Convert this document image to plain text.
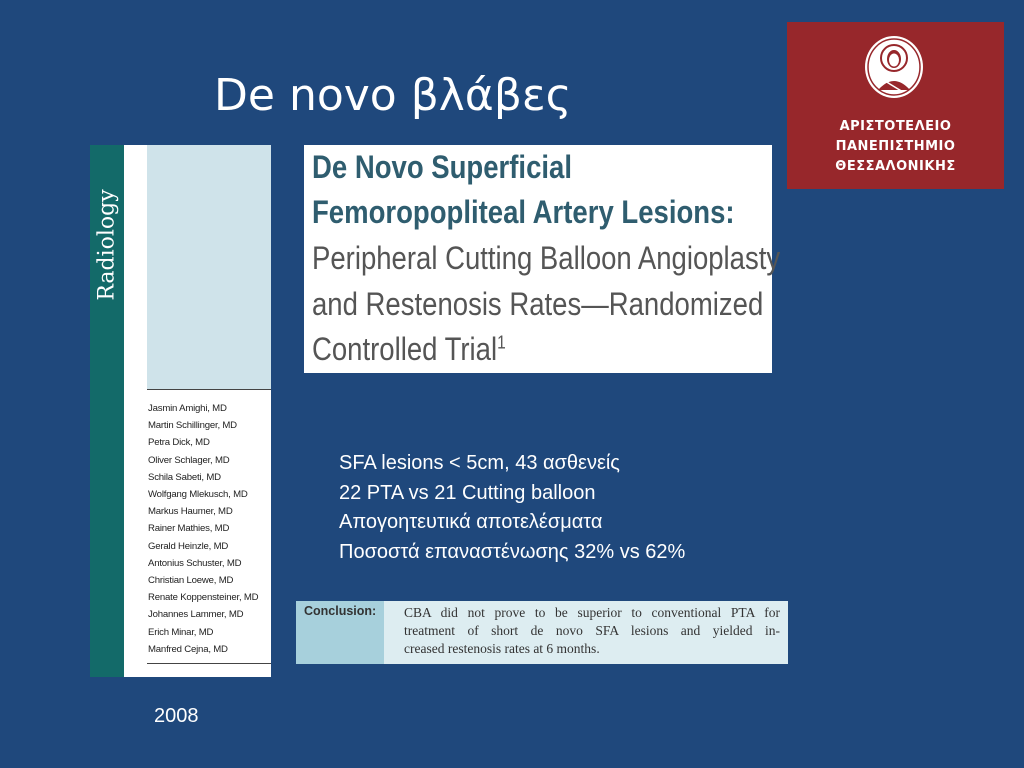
De novo βλάβες
ΑΡΙΣΤΟΤΕΛΕΙΟ
ΠΑΝΕΠΙΣΤΗΜΙΟ
ΘΕΣΣΑΛΟΝΙΚΗΣ
Radiology
Jasmin Amighi, MD
Martin Schillinger, MD
Petra Dick, MD
Oliver Schlager, MD
Schila Sabeti, MD
Wolfgang Mlekusch, MD
Markus Haumer, MD
Rainer Mathies, MD
Gerald Heinzle, MD
Antonius Schuster, MD
Christian Loewe, MD
Renate Koppensteiner, MD
Johannes Lammer, MD
Erich Minar, MD
Manfred Cejna, MD
De Novo Superficial
Femoropopliteal Artery Lesions:
Peripheral Cutting Balloon Angioplasty
and Restenosis Rates—Randomized
Controlled Trial$^1$
SFA lesions < 5cm, 43 ασθενείς
22 PTA vs 21 Cutting balloon
Απογοητευτικά αποτελέσματα
Ποσοστά επαναστένωσης 32% vs 62%
Conclusion: CBA did not prove to be superior to conventional PTA for
treatment of short de novo SFA lesions and yielded in-
creased restenosis rates at 6 months.
2008
